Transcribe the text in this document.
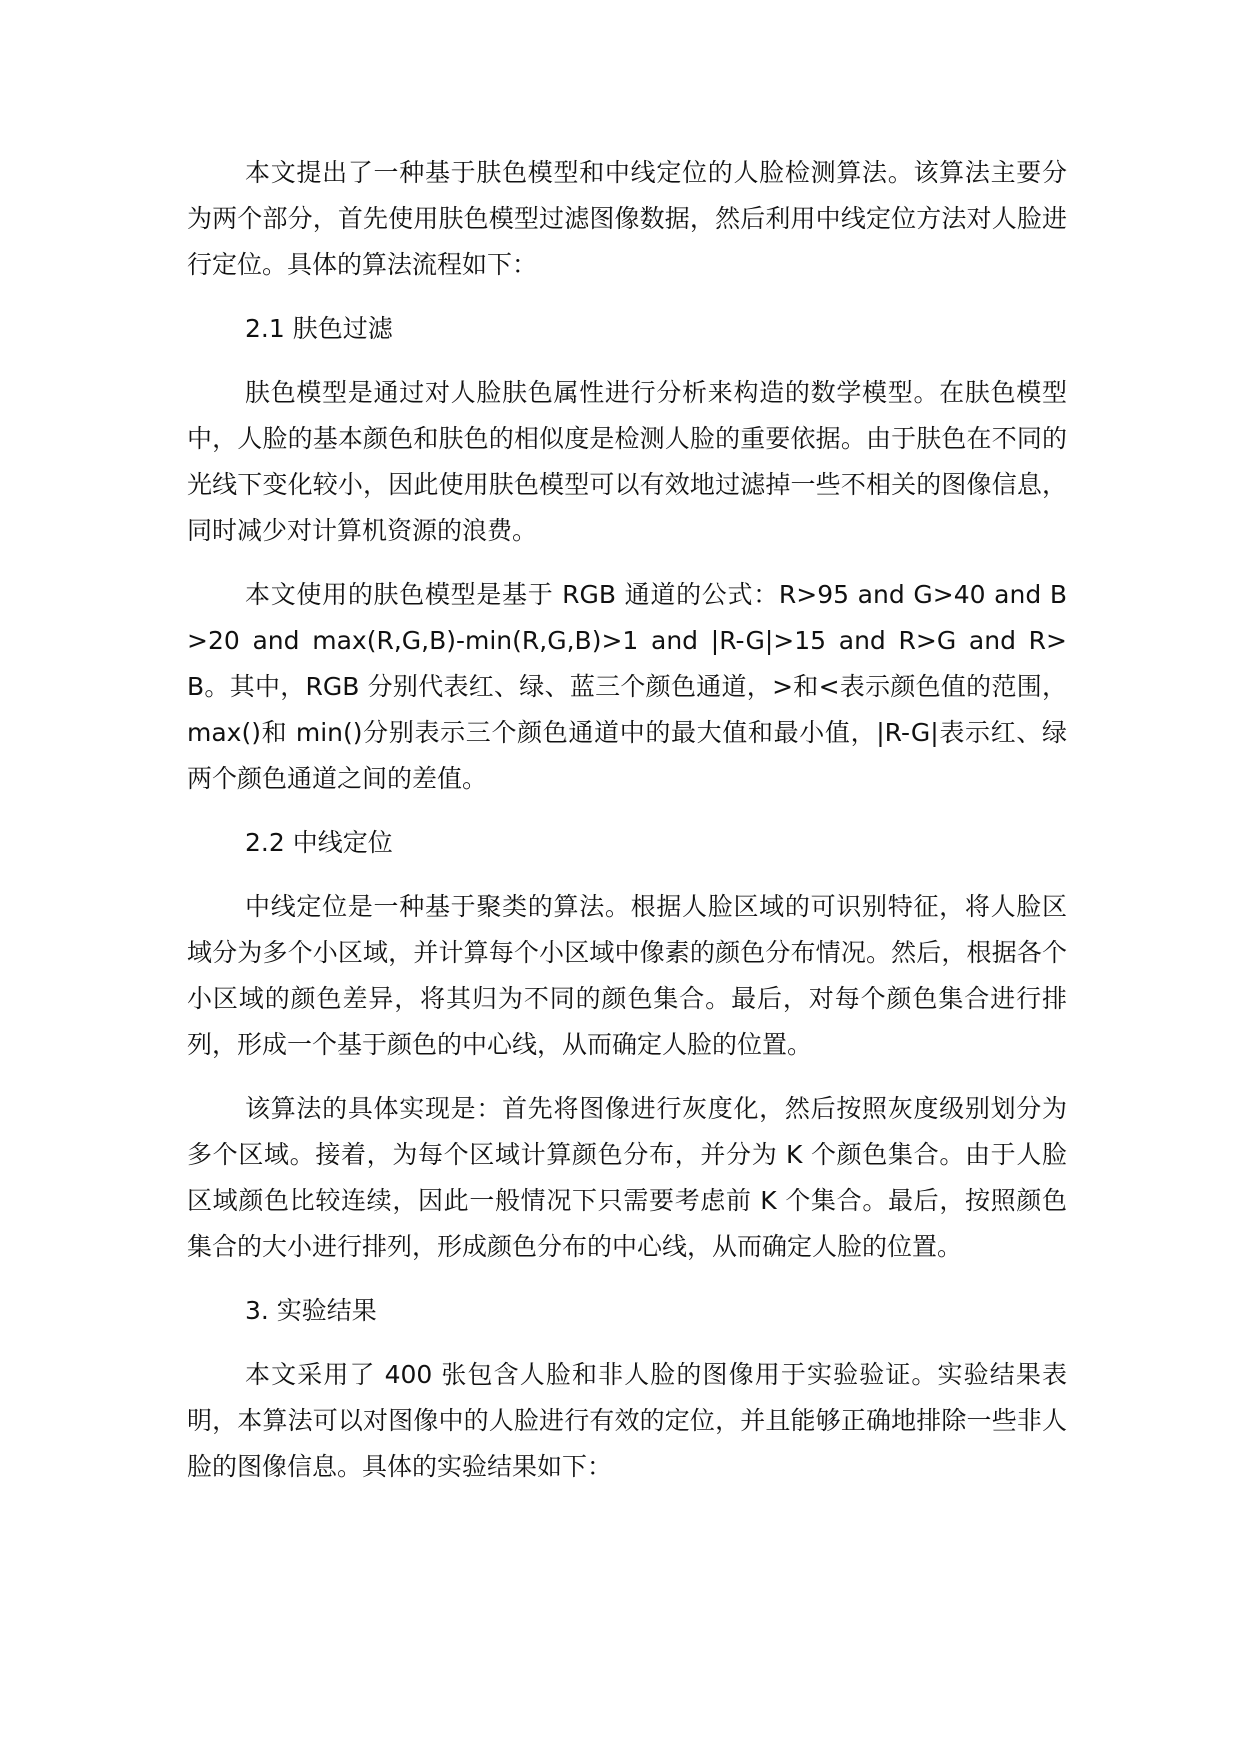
本文提出了一种基于肤色模型和中线定位的人脸检测算法。该算法主要分为两个部分，首先使用肤色模型过滤图像数据，然后利用中线定位方法对人脸进行定位。具体的算法流程如下：

2.1 肤色过滤

肤色模型是通过对人脸肤色属性进行分析来构造的数学模型。在肤色模型中，人脸的基本颜色和肤色的相似度是检测人脸的重要依据。由于肤色在不同的光线下变化较小，因此使用肤色模型可以有效地过滤掉一些不相关的图像信息，同时减少对计算机资源的浪费。

本文使用的肤色模型是基于 RGB 通道的公式：R>95 and G>40 and B>20 and max(R,G,B)-min(R,G,B)>1 and |R-G|>15 and R>G and R>B。其中，RGB 分别代表红、绿、蓝三个颜色通道，>和<表示颜色值的范围，max()和 min()分别表示三个颜色通道中的最大值和最小值，|R-G|表示红、绿两个颜色通道之间的差值。

2.2 中线定位

中线定位是一种基于聚类的算法。根据人脸区域的可识别特征，将人脸区域分为多个小区域，并计算每个小区域中像素的颜色分布情况。然后，根据各个小区域的颜色差异，将其归为不同的颜色集合。最后，对每个颜色集合进行排列，形成一个基于颜色的中心线，从而确定人脸的位置。

该算法的具体实现是：首先将图像进行灰度化，然后按照灰度级别划分为多个区域。接着，为每个区域计算颜色分布，并分为 K 个颜色集合。由于人脸区域颜色比较连续，因此一般情况下只需要考虑前 K 个集合。最后，按照颜色集合的大小进行排列，形成颜色分布的中心线，从而确定人脸的位置。

3. 实验结果

本文采用了 400 张包含人脸和非人脸的图像用于实验验证。实验结果表明，本算法可以对图像中的人脸进行有效的定位，并且能够正确地排除一些非人脸的图像信息。具体的实验结果如下：
